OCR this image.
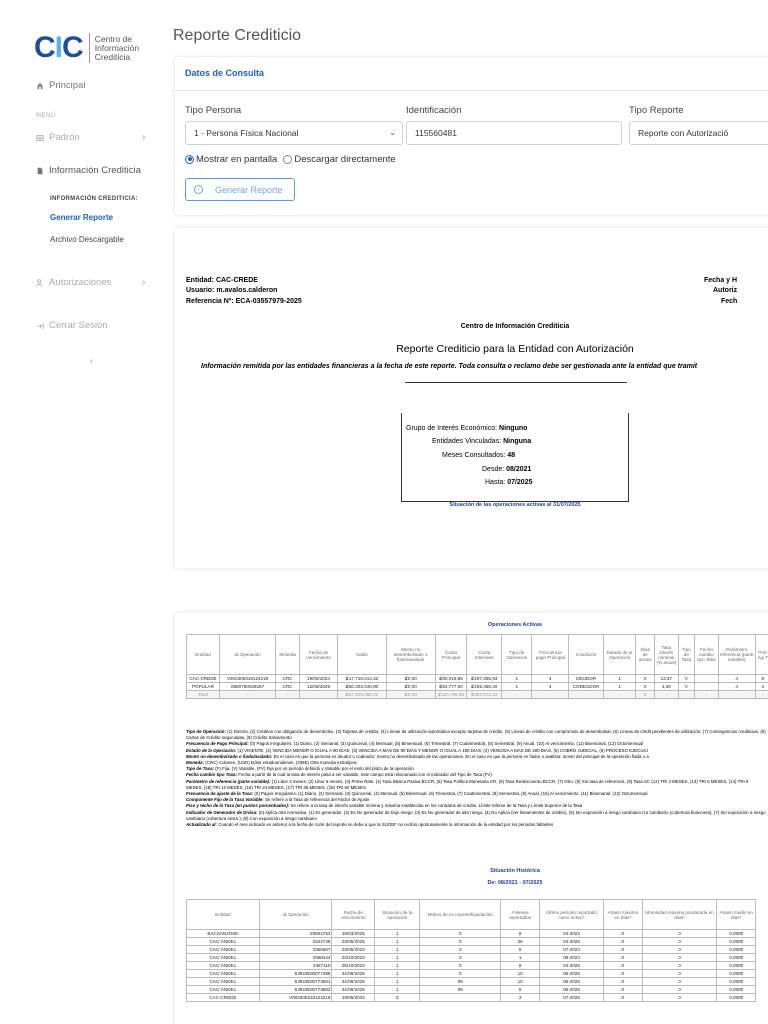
CIC Centro de
Información
Crediticia
Principal
MENÚ
Padrón	›
Información Crediticia
INFORMACIÓN CREDITICIA:
Generar Reporte
Archivo Descargable
Autorizaciones	›
Cerrar Sesión
‹
Reporte Crediticio
Datos de Consulta
Tipo Persona
1 - Persona Física Nacional	⌄
Identificación
115560481
Tipo Reporte
Reporte con Autorizació
Mostrar en pantalla	Descargar directamente
›	Generar Reporte
Entidad: CAC-CREDE
Usuario: m.avalos.calderon
Referencia Nº: ECA-03557979-2025
Fecha y H
Autoriz
Fech
Centro de Información Crediticia
Reporte Crediticio para la Entidad con Autorización
Información remitida por las entidades financieras a la fecha de este reporte. Toda consulta o reclamo debe ser gestionada ante la entidad que tramit
Grupo de Interés Económico: Ninguno
Entidades Vinculadas: Ninguna
Meses Consultados: 48
Desde: 08/2021
Hasta: 07/2025
Situación de las operaciones activas al 31/07/2025
Operaciones Activas
Entidad	Id.Operación	Moneda	Fecha de vencimiento	Saldo	Monto no desembolsado o flado/avalado	Cuota Principal	Cuota Intereses	Tipo de Operación	Frecuencia pago Principal	Condición	Estado de la Operación	Días de atraso	Tasa interés nominal (% anual)	Tipo de Tasa	Fecha cambio tipo Tasa	Parámetro referencia (parte variable)	Prec Aju T
CAC-CREDE	V003305318124219	CRC	19/05/2034	₡17.716.014,32	₡0,00	₡90.019,86	₡197.385,93	1	4	DEUDOR	1	0	13,37	V		4	8
POPULAR	0880780029267	CRC	12/08/2049	₡50.203.040,90	₡0,00	₡94.777,00	₡185.486,40	1	4	CODEUDOR	1	0	4,36	V		4	4
Total	-	-	-	₡67.919.055,22	₡0,00	₡184.796,86	₡382.872,33	-	-	-	-	0	-	-	-	-	-
Tipo de Operación: (1) Directa, (2) Créditos con obligación de desembolso, (3) Tarjetas de crédito, (4) Líneas de utilización automática excepto tarjetas de crédito, (5) Líneas de crédito con compromiso de desembolsar, (6) Líneas de crédit pendientes de utilización, (7) Contingencias crediticias, (8) Cartas de Crédito negociadas, (9) Crédito Salvamento
Frecuencia de Pago Principal: (0) Pagos Irregulares, (1) Diario, (2) Semanal, (3) Quincenal, (4) Mensual, (5) Bimensual, (6) Trimestral, (7) Cuatrimestral, (8) Semestral, (9) Anual, (10) Al vencimiento, (11) Bisemanal, (12) Octomensual
Estado de la Operación: (1) VIGENTE, (2) VENCIDA MENOR O IGUAL A 90 DIAS, (3) VENCIDA A MAS DE 90 DIAS Y MENOR O IGUAL A 180 DIAS, (4) VENCIDA A MAS DE 180 DIAS, (5) COBRO JUDICIAL, (6) PROCESO EJECUCI
Monto no desembolsado o fiado/avalado: En el caso en que la persona es deudor o codeudor: monto no desembolsado de las operaciones. En el caso en que la persona es fiador o avalista: monto del principal de la operación fiada o a
Moneda: (CRC) Colones, (USD) Dólar estadounidense, (OME) Otra moneda extranjera
Tipo de Tasa: (F) Fija, (V) Variable, (FV) Fija por un período definido y Variable por el resto del plazo de la operación
Fecha cambio tipo Tasa: Fecha a partir de la cual la tasa de interés pasa a ser variable, este campo está relacionado con el indicador del Tipo de Tasa (FV)
Parámetro de referencia (parte variable): (1) Libor 3 meses, (2) Libor 6 meses, (3) Prime Rate, (4) Tasa Básica Pasiva BCCR, (5) Tasa Política Monetaria CR, (6) Tasa Redescuento BCCR, (7) Otro, (8) Sin tasa de referencia, (9) Tasa SC (12) TRI 3 MESES, (13) TRI 6 MESES, (14) TRI 9 MESES, (15) TRI 12 MESES, (16) TRI 24 MESES, (17) TRI 36 MESES, (18) TRI 60 MESES
Frecuencia de ajuste de la Tasa: (0) Pagos Irregulares, (1) Diario, (2) Semanal, (3) Quincenal, (4) Mensual, (5) Bimensual, (6) Trimestral, (7) Cuatrimestral, (8) Semestral, (9) Anual, (10) Al vencimiento, (11) Bisemanal, (12) Octomensual
Componente Fijo de la Tasa Variable: Se refiere a la Tasa de referencia del Factor de Ajuste
Piso y techo de la Tasa (en puntos porcentuales): Se refiere a la tasa de interés variable mínima y máxima establecida en los contratos de crédito. Límite Inferior de la Tasa y Límite Superior de la Tasa
Indicador de Generador de Divisa: (0) Aplica otra normativa, (1) Es generador, (2) Es No generador de bajo riesgo, (3) Es No generador de alto riesgo, (4) No Aplica (ver lineamientos de crédito), (5) Sin exposición a riesgo cambiario (co cambiario (cobertura financiera), (7) Sin exposición a riesgo cambiario (cobertura mixta ), (8) Con exposición a riesgo cambiario
Actualizado al: Cuando el mes indicado es anterior a la fecha de corte del reporte se debe a que la SUGEF no recibió oportunamente la información de la entidad por los periodos faltantes
Situación Histórica
De: 08/2021 - 07/2025
Entidad	Id.Operación	Fecha de vencimiento	Situación de la operación	Motivo de no reporte/liquidación	# Meses reportados	Último período reportado como activo*	Atraso máximo en días*	Morosidad máxima ponderada en días*	Atraso medio en días*
BACSANJOSE	29504753	18/03/2025	1	0	8	04-2022	0	0	0,0000
CAC-ANDE1	3344738	03/05/2025	1	0	26	04-2025	0	0	0,0000
CAC-ANDE1	3355667	03/05/2023	1	3	5	07-2024	0	0	0,0000
CAC-ANDE1	3368444	03/10/2023	1	3	1	08-2024	0	0	0,0000
CAC-ANDE1	3367110	05/10/2023	1	0	8	04-2025	0	0	0,0000
CAC-ANDE1	53923500077388	31/08/2028	1	0	10	05-2025	0	0	0,0000
CAC-ANDE1	53923500773681	31/08/2028	1	99	10	05-2025	0	0	0,0000
CAC-ANDE1	53923500773882	31/08/2028	1	99	5	05-2025	0	0	0,0000
CAC-CREDE	V003305318124219	19/05/2034	3		3	07-2025	0	0	0,0000
